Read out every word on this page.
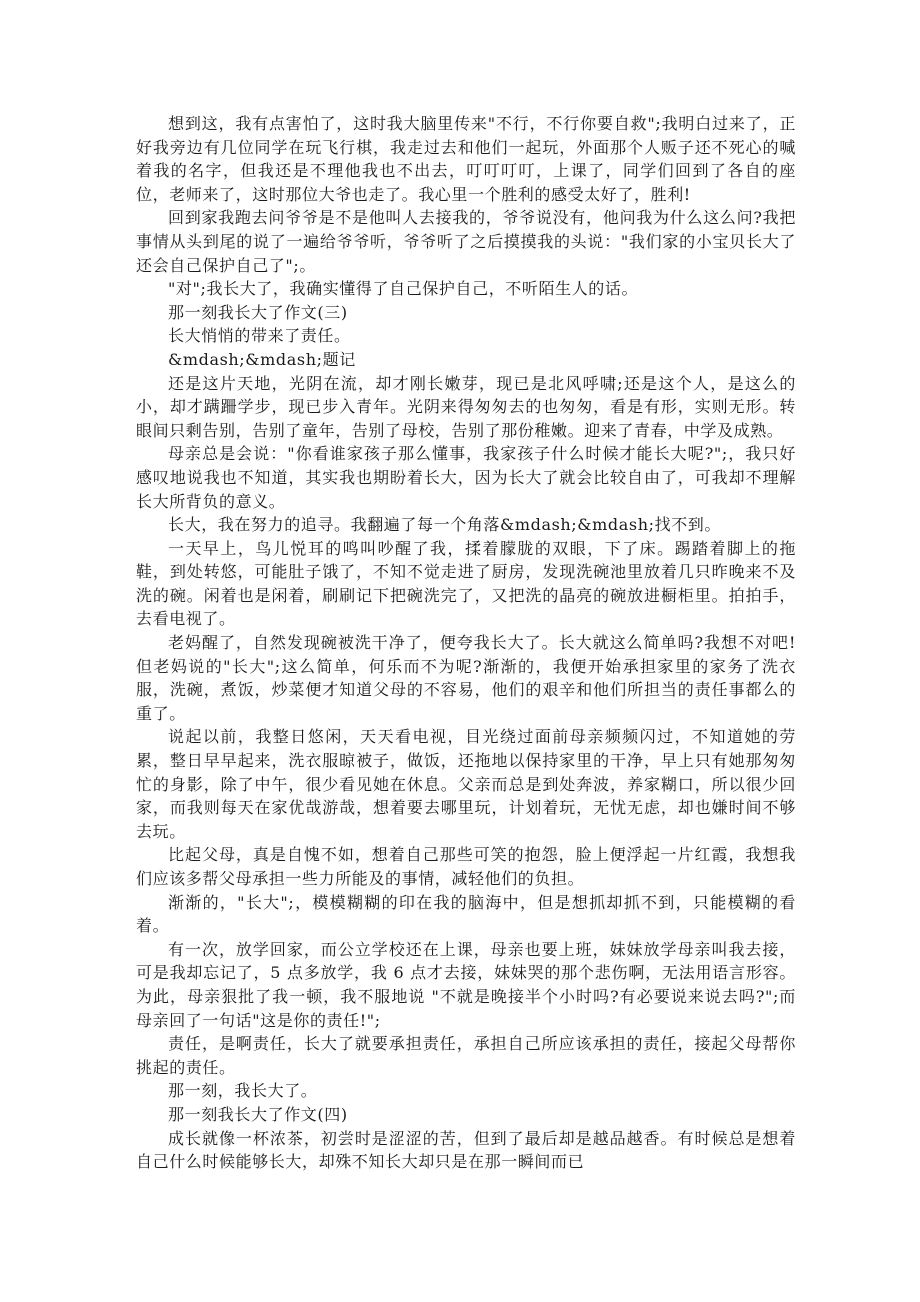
想到这，我有点害怕了，这时我大脑里传来"不行，不行你要自救";我明白过来了，正好我旁边有几位同学在玩飞行棋，我走过去和他们一起玩，外面那个人贩子还不死心的喊着我的名字，但我还是不理他我也不出去，叮叮叮叮，上课了，同学们回到了各自的座位，老师来了，这时那位大爷也走了。我心里一个胜利的感受太好了，胜利!

回到家我跑去问爷爷是不是他叫人去接我的，爷爷说没有，他问我为什么这么问?我把事情从头到尾的说了一遍给爷爷听，爷爷听了之后摸摸我的头说："我们家的小宝贝长大了还会自己保护自己了";。

"对";我长大了，我确实懂得了自己保护自己，不听陌生人的话。

那一刻我长大了作文(三)

长大悄悄的带来了责任。

&mdash;&mdash;题记

还是这片天地，光阴在流，却才刚长嫩芽，现已是北风呼啸;还是这个人，是这么的小，却才蹒跚学步，现已步入青年。光阴来得匆匆去的也匆匆，看是有形，实则无形。转眼间只剩告别，告别了童年，告别了母校，告别了那份稚嫩。迎来了青春，中学及成熟。

母亲总是会说："你看谁家孩子那么懂事，我家孩子什么时候才能长大呢?";，我只好感叹地说我也不知道，其实我也期盼着长大，因为长大了就会比较自由了，可我却不理解长大所背负的意义。

长大，我在努力的追寻。我翻遍了每一个角落&mdash;&mdash;找不到。

一天早上，鸟儿悦耳的鸣叫吵醒了我，揉着朦胧的双眼，下了床。踢踏着脚上的拖鞋，到处转悠，可能肚子饿了，不知不觉走进了厨房，发现洗碗池里放着几只昨晚来不及洗的碗。闲着也是闲着，刷刷记下把碗洗完了，又把洗的晶亮的碗放进橱柜里。拍拍手，去看电视了。

老妈醒了，自然发现碗被洗干净了，便夸我长大了。长大就这么简单吗?我想不对吧!但老妈说的"长大";这么简单，何乐而不为呢?渐渐的，我便开始承担家里的家务了洗衣服，洗碗，煮饭，炒菜便才知道父母的不容易，他们的艰辛和他们所担当的责任事都么的重了。

说起以前，我整日悠闲，天天看电视，目光绕过面前母亲频频闪过，不知道她的劳累，整日早早起来，洗衣服晾被子，做饭，还拖地以保持家里的干净，早上只有她那匆匆忙的身影，除了中午，很少看见她在休息。父亲而总是到处奔波，养家糊口，所以很少回家，而我则每天在家优哉游哉，想着要去哪里玩，计划着玩，无忧无虑，却也嫌时间不够去玩。

比起父母，真是自愧不如，想着自己那些可笑的抱怨，脸上便浮起一片红霞，我想我们应该多帮父母承担一些力所能及的事情，减轻他们的负担。

渐渐的，"长大";，模模糊糊的印在我的脑海中，但是想抓却抓不到，只能模糊的看着。

有一次，放学回家，而公立学校还在上课，母亲也要上班，妹妹放学母亲叫我去接，可是我却忘记了，5 点多放学，我 6 点才去接，妹妹哭的那个悲伤啊，无法用语言形容。为此，母亲狠批了我一顿，我不服地说 "不就是晚接半个小时吗?有必要说来说去吗?";而母亲回了一句话"这是你的责任!";

责任，是啊责任，长大了就要承担责任，承担自己所应该承担的责任，接起父母帮你挑起的责任。

那一刻，我长大了。

那一刻我长大了作文(四)

成长就像一杯浓茶，初尝时是涩涩的苦，但到了最后却是越品越香。有时候总是想着自己什么时候能够长大，却殊不知长大却只是在那一瞬间而已
